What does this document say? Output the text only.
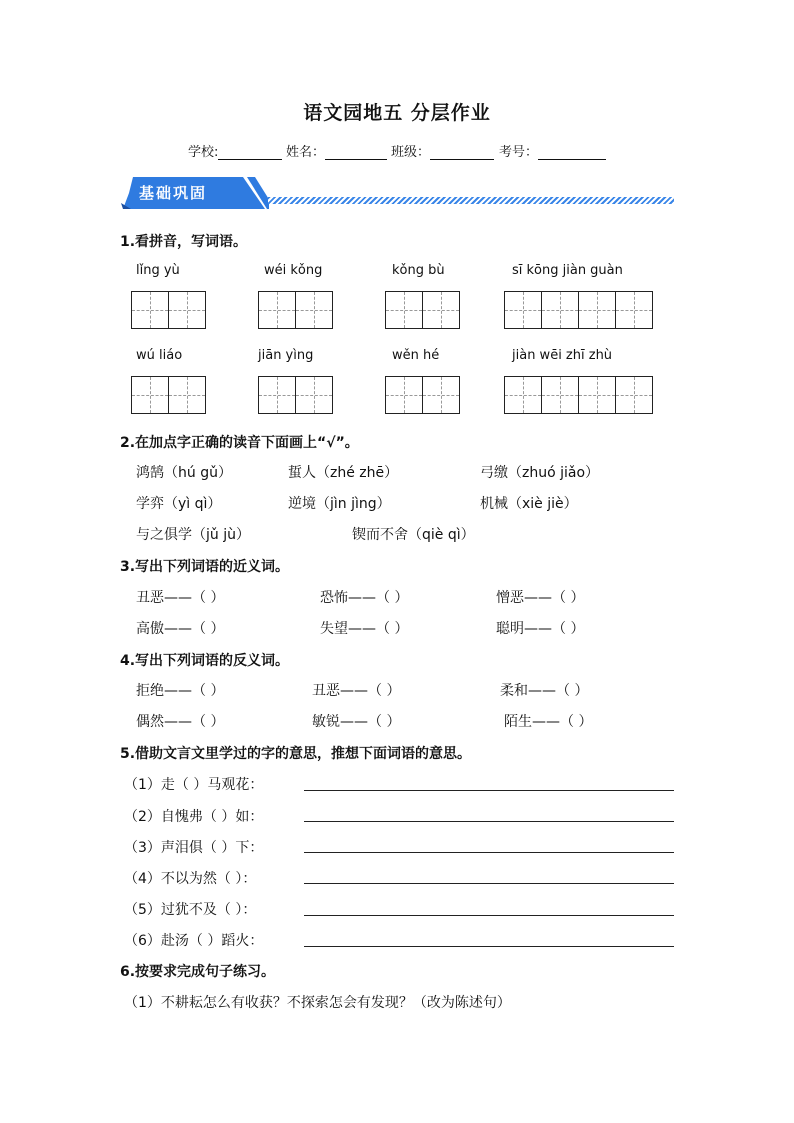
语文园地五 分层作业
学校:	姓名：	班级：	考号：
基础巩固
1.看拼音，写词语。
lǐng yù	wéi kǒng	kǒng bù	sī kōng jiàn guàn
wú liáo	jiān yìng	wěn hé	jiàn wēi zhī zhù
2.在加点字正确的读音下面画上“√”。
鸿鹄（hú gǔ）	蜇人（zhé zhē）	弓缴（zhuó jiǎo）
学弈（yì qì）	逆境（jìn jìng）	机械（xiè jiè）
与之俱学（jǔ jù）	锲而不舍（qiè qì）
3.写出下列词语的近义词。
丑恶——（ ）	恐怖——（ ）	憎恶——（ ）
高傲——（ ）	失望——（ ）	聪明——（ ）
4.写出下列词语的反义词。
拒绝——（ ）	丑恶——（ ）	柔和——（ ）
偶然——（ ）	敏锐——（ ）	陌生——（ ）
5.借助文言文里学过的字的意思，推想下面词语的意思。
（1）走（ ）马观花：
（2）自愧弗（ ）如：
（3）声泪俱（ ）下：
（4）不以为然（ ）：
（5）过犹不及（ ）：
（6）赴汤（ ）蹈火：
6.按要求完成句子练习。
（1）不耕耘怎么有收获？不探索怎会有发现？（改为陈述句）
